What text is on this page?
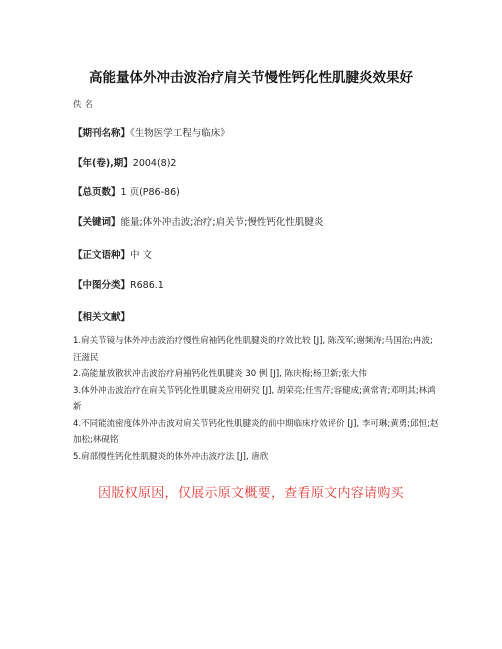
高能量体外冲击波治疗肩关节慢性钙化性肌腱炎效果好
佚名
【期刊名称】《生物医学工程与临床》
【年(卷),期】2004(8)2
【总页数】1 页(P86-86)
【关键词】能量;体外冲击波;治疗;肩关节;慢性钙化性肌腱炎
【正文语种】中 文
【中图分类】R686.1
【相关文献】

1.肩关节镜与体外冲击波治疗慢性肩袖钙化性肌腱炎的疗效比较 [J], 陈茂军;谢频涛;马国治;冉波;汪滋民

2.高能量放散状冲击波治疗肩袖钙化性肌腱炎 30 例 [J], 陈庆梅;杨卫新;张大伟

3.体外冲击波治疗在肩关节钙化性肌腱炎应用研究 [J], 胡荣亮;任雪芹;容健成;黄常青;邓明其;林鸿新

4.不同能流密度体外冲击波对肩关节钙化性肌腱炎的前中期临床疗效评价 [J], 李可琳;黄勇;邱恒;赵加松;林砚铭

5.肩部慢性钙化性肌腱炎的体外冲击波疗法 [J], 唐欣

因版权原因，仅展示原文概要，查看原文内容请购买
